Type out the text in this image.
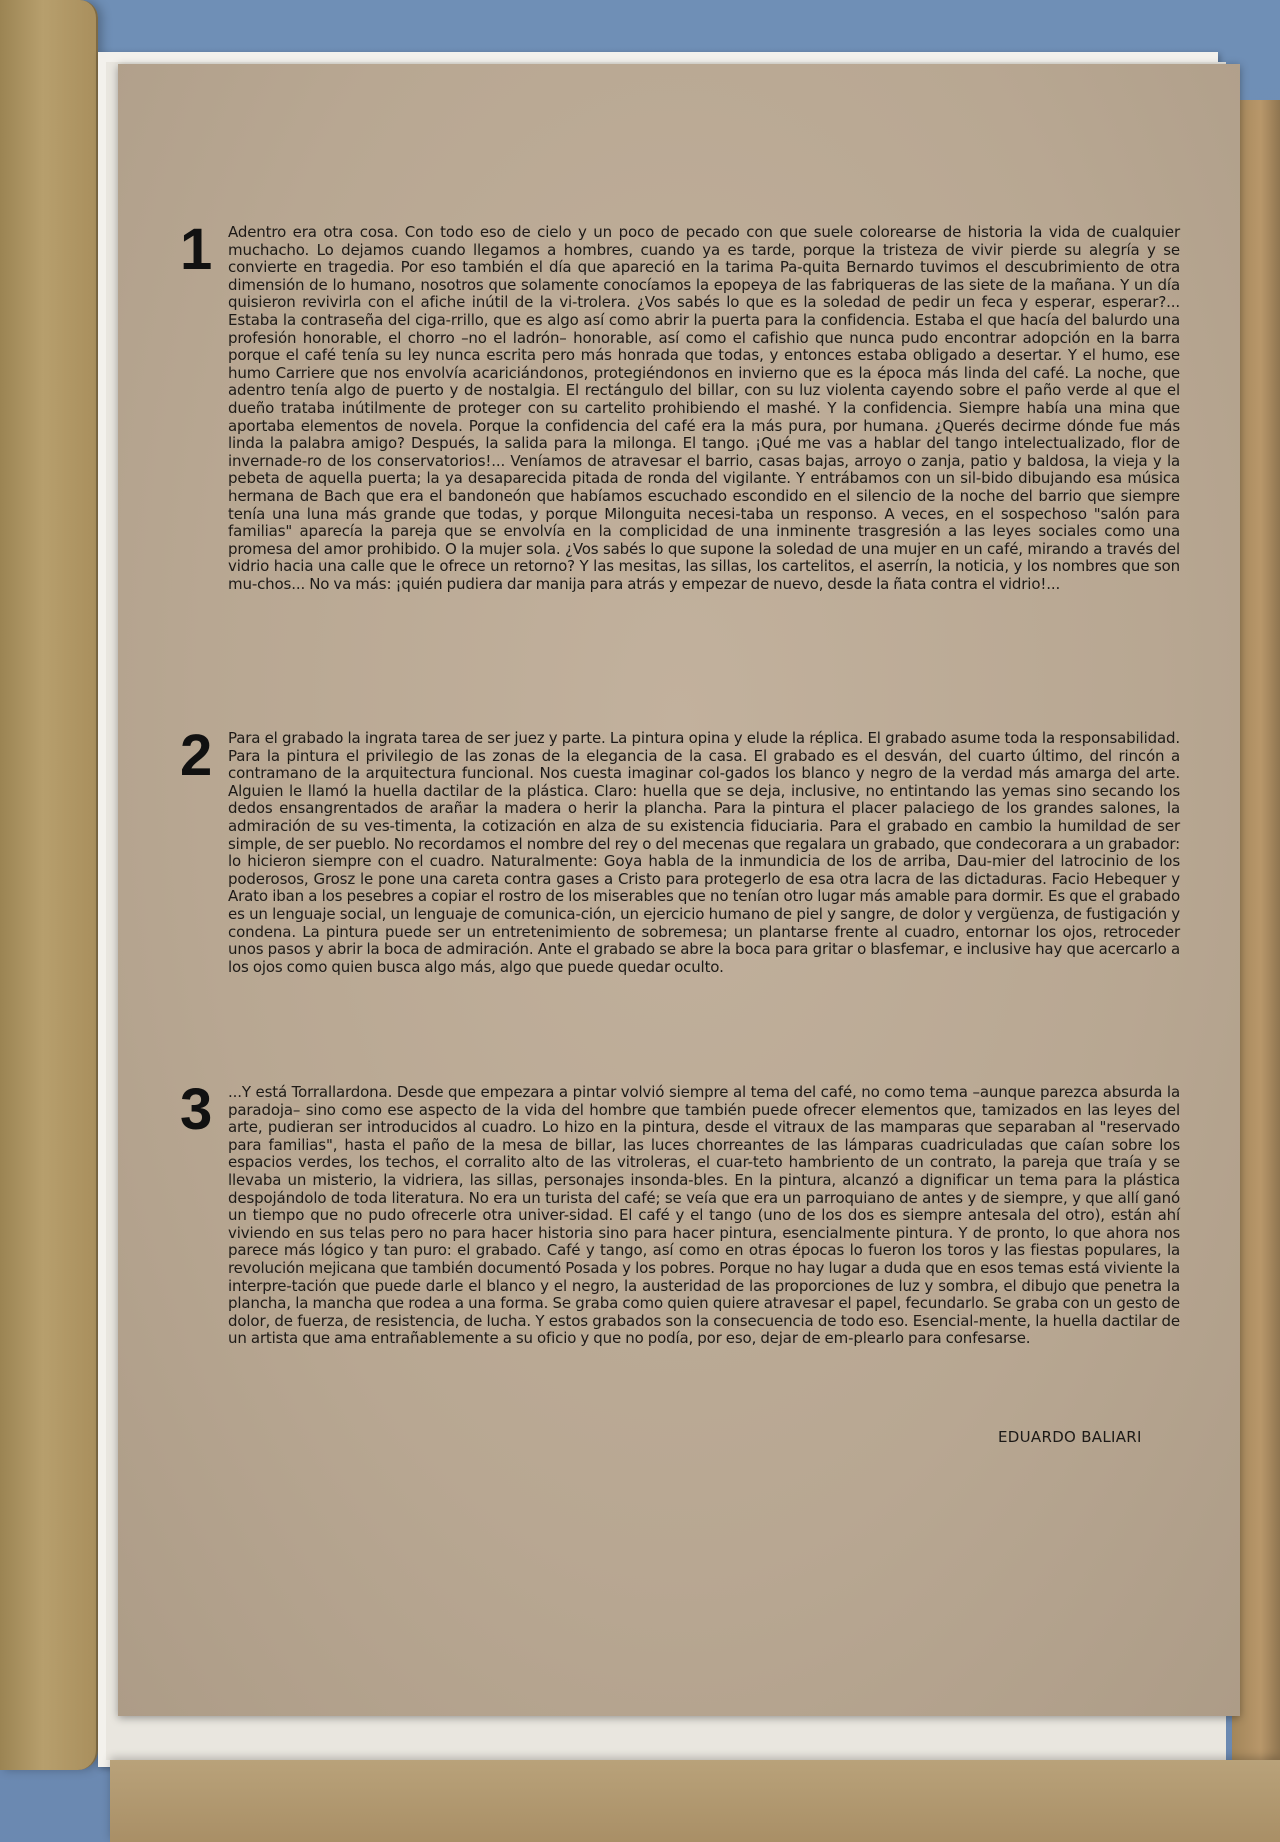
1 Adentro era otra cosa. Con todo eso de cielo y un poco de pecado con que suele colorearse de historia la vida de cualquier muchacho. Lo dejamos cuando llegamos a hombres, cuando ya es tarde, porque la tristeza de vivir pierde su alegría y se convierte en tragedia. Por eso también el día que apareció en la tarima Pa-quita Bernardo tuvimos el descubrimiento de otra dimensión de lo humano, nosotros que solamente conocíamos la epopeya de las fabriqueras de las siete de la mañana. Y un día quisieron revivirla con el afiche inútil de la vi-trolera. ¿Vos sabés lo que es la soledad de pedir un feca y esperar, esperar?... Estaba la contraseña del ciga-rrillo, que es algo así como abrir la puerta para la confidencia. Estaba el que hacía del balurdo una profesión honorable, el chorro –no el ladrón– honorable, así como el cafishio que nunca pudo encontrar adopción en la barra porque el café tenía su ley nunca escrita pero más honrada que todas, y entonces estaba obligado a desertar. Y el humo, ese humo Carriere que nos envolvía acariciándonos, protegiéndonos en invierno que es la época más linda del café. La noche, que adentro tenía algo de puerto y de nostalgia. El rectángulo del billar, con su luz violenta cayendo sobre el paño verde al que el dueño trataba inútilmente de proteger con su cartelito prohibiendo el mashé. Y la confidencia. Siempre había una mina que aportaba elementos de novela. Porque la confidencia del café era la más pura, por humana. ¿Querés decirme dónde fue más linda la palabra amigo? Después, la salida para la milonga. El tango. ¡Qué me vas a hablar del tango intelectualizado, flor de invernade-ro de los conservatorios!... Veníamos de atravesar el barrio, casas bajas, arroyo o zanja, patio y baldosa, la vieja y la pebeta de aquella puerta; la ya desaparecida pitada de ronda del vigilante. Y entrábamos con un sil-bido dibujando esa música hermana de Bach que era el bandoneón que habíamos escuchado escondido en el silencio de la noche del barrio que siempre tenía una luna más grande que todas, y porque Milonguita necesi-taba un responso. A veces, en el sospechoso "salón para familias" aparecía la pareja que se envolvía en la complicidad de una inminente trasgresión a las leyes sociales como una promesa del amor prohibido. O la mujer sola. ¿Vos sabés lo que supone la soledad de una mujer en un café, mirando a través del vidrio hacia una calle que le ofrece un retorno? Y las mesitas, las sillas, los cartelitos, el aserrín, la noticia, y los nombres que son mu-chos... No va más: ¡quién pudiera dar manija para atrás y empezar de nuevo, desde la ñata contra el vidrio!...
2 Para el grabado la ingrata tarea de ser juez y parte. La pintura opina y elude la réplica. El grabado asume toda la responsabilidad. Para la pintura el privilegio de las zonas de la elegancia de la casa. El grabado es el desván, del cuarto último, del rincón a contramano de la arquitectura funcional. Nos cuesta imaginar col-gados los blanco y negro de la verdad más amarga del arte. Alguien le llamó la huella dactilar de la plástica. Claro: huella que se deja, inclusive, no entintando las yemas sino secando los dedos ensangrentados de arañar la madera o herir la plancha. Para la pintura el placer palaciego de los grandes salones, la admiración de su ves-timenta, la cotización en alza de su existencia fiduciaria. Para el grabado en cambio la humildad de ser simple, de ser pueblo. No recordamos el nombre del rey o del mecenas que regalara un grabado, que condecorara a un grabador: lo hicieron siempre con el cuadro. Naturalmente: Goya habla de la inmundicia de los de arriba, Dau-mier del latrocinio de los poderosos, Grosz le pone una careta contra gases a Cristo para protegerlo de esa otra lacra de las dictaduras. Facio Hebequer y Arato iban a los pesebres a copiar el rostro de los miserables que no tenían otro lugar más amable para dormir. Es que el grabado es un lenguaje social, un lenguaje de comunica-ción, un ejercicio humano de piel y sangre, de dolor y vergüenza, de fustigación y condena. La pintura puede ser un entretenimiento de sobremesa; un plantarse frente al cuadro, entornar los ojos, retroceder unos pasos y abrir la boca de admiración. Ante el grabado se abre la boca para gritar o blasfemar, e inclusive hay que acercarlo a los ojos como quien busca algo más, algo que puede quedar oculto.
3 ...Y está Torrallardona. Desde que empezara a pintar volvió siempre al tema del café, no como tema –aunque parezca absurda la paradoja– sino como ese aspecto de la vida del hombre que también puede ofrecer elementos que, tamizados en las leyes del arte, pudieran ser introducidos al cuadro. Lo hizo en la pintura, desde el vitraux de las mamparas que separaban al "reservado para familias", hasta el paño de la mesa de billar, las luces chorreantes de las lámparas cuadriculadas que caían sobre los espacios verdes, los techos, el corralito alto de las vitroleras, el cuar-teto hambriento de un contrato, la pareja que traía y se llevaba un misterio, la vidriera, las sillas, personajes insonda-bles. En la pintura, alcanzó a dignificar un tema para la plástica despojándolo de toda literatura. No era un turista del café; se veía que era un parroquiano de antes y de siempre, y que allí ganó un tiempo que no pudo ofrecerle otra univer-sidad. El café y el tango (uno de los dos es siempre antesala del otro), están ahí viviendo en sus telas pero no para hacer historia sino para hacer pintura, esencialmente pintura. Y de pronto, lo que ahora nos parece más lógico y tan puro: el grabado. Café y tango, así como en otras épocas lo fueron los toros y las fiestas populares, la revolución mejicana que también documentó Posada y los pobres. Porque no hay lugar a duda que en esos temas está viviente la interpre-tación que puede darle el blanco y el negro, la austeridad de las proporciones de luz y sombra, el dibujo que penetra la plancha, la mancha que rodea a una forma. Se graba como quien quiere atravesar el papel, fecundarlo. Se graba con un gesto de dolor, de fuerza, de resistencia, de lucha. Y estos grabados son la consecuencia de todo eso. Esencial-mente, la huella dactilar de un artista que ama entrañablemente a su oficio y que no podía, por eso, dejar de em-plearlo para confesarse.
EDUARDO BALIARI
